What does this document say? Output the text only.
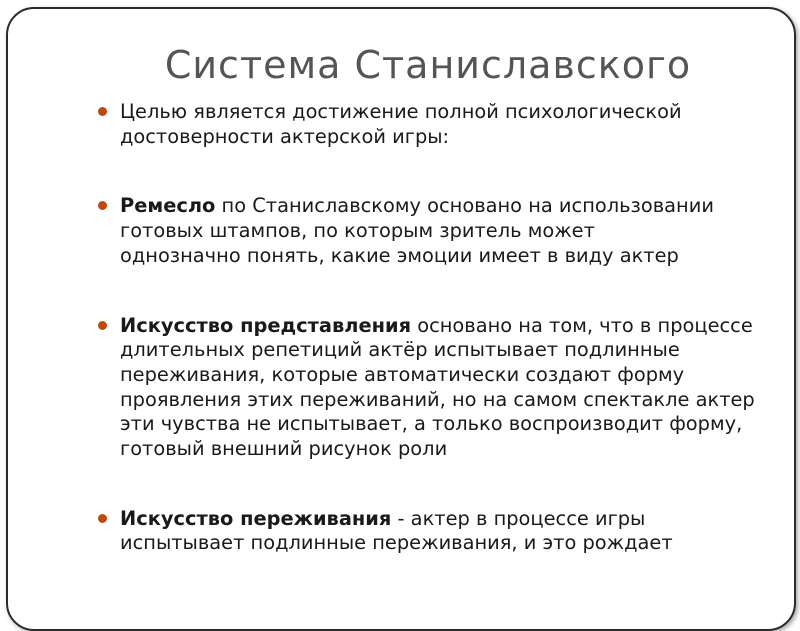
Система Станиславского
Целью является достижение полной психологической достоверности актерской игры:
Ремесло по Станиславскому основано на использовании готовых штампов, по которым зритель может однозначно понять, какие эмоции имеет в виду актер
Искусство представления основано на том, что в процессе длительных репетиций актёр испытывает подлинные переживания, которые автоматически создают форму проявления этих переживаний, но на самом спектакле актер эти чувства не испытывает, а только воспроизводит форму, готовый внешний рисунок роли
Искусство переживания - актер в процессе игры испытывает подлинные переживания, и это рождает
